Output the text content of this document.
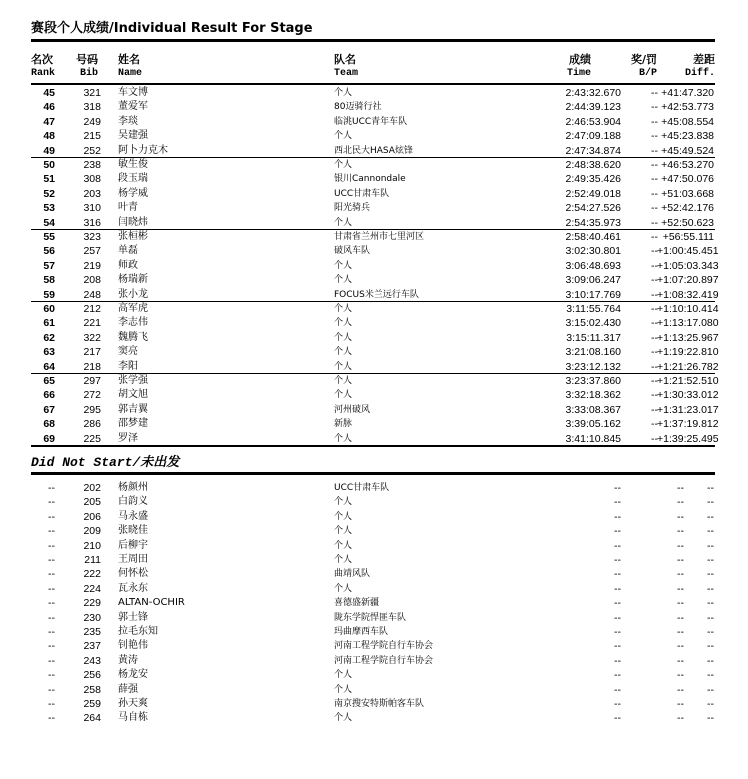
赛段个人成绩/Individual Result For Stage
名次
Rank
号码
Bib
姓名
Name
队名
Team
成绩
Time
奖/罚
B/P
差距
Diff.
45	321 车文博	个人	2:43:32.670	-- +41:47.320
46	318 董爱军	80迈骑行社	2:44:39.123	-- +42:53.773
47	249 李琰	临洮UCC青年车队	2:46:53.904	-- +45:08.554
48	215 吴建强	个人	2:47:09.188	-- +45:23.838
49	252 阿卜力克木	西北民大HASA炫锋	2:47:34.874	-- +45:49.524
50	238 敏生俊	个人	2:48:38.620	-- +46:53.270
51	308 段玉瑞	银川Cannondale	2:49:35.426	-- +47:50.076
52	203 杨学威	UCC甘肃车队	2:52:49.018	-- +51:03.668
53	310 叶青	阳光骑兵	2:54:27.526	-- +52:42.176
54	316 闫晓炜	个人	2:54:35.973	-- +52:50.623
55	323 张桓彬	甘肃省兰州市七里河区	2:58:40.461	-- +56:55.111
56	257 单磊	破风车队	3:02:30.801	-- +1:00:45.451
57	219 师政	个人	3:06:48.693	-- +1:05:03.343
58	208 杨瑞新	个人	3:09:06.247	-- +1:07:20.897
59	248 张小龙	FOCUS米兰远行车队	3:10:17.769	-- +1:08:32.419
60	212 高军虎	个人	3:11:55.764	-- +1:10:10.414
61	221 李志伟	个人	3:15:02.430	-- +1:13:17.080
62	322 魏腾飞	个人	3:15:11.317	-- +1:13:25.967
63	217 窦亮	个人	3:21:08.160	-- +1:19:22.810
64	218 李阳	个人	3:23:12.132	-- +1:21:26.782
65	297 张学强	个人	3:23:37.860	-- +1:21:52.510
66	272 胡文旭	个人	3:32:18.362	-- +1:30:33.012
67	295 郭吉翼	河州破风	3:33:08.367	-- +1:31:23.017
68	286 邵梦建	新脉	3:39:05.162	-- +1:37:19.812
69	225 罗泽	个人	3:41:10.845	-- +1:39:25.495
Did Not Start/未出发
--	202 杨颜州	UCC甘肃车队	--	--	--
--	205 白韵义	个人	--	--	--
--	206 马永盛	个人	--	--	--
--	209 张晓佳	个人	--	--	--
--	210 后柳宇	个人	--	--	--
--	211 王周田	个人	--	--	--
--	222 何怀松	曲靖风队	--	--	--
--	224 瓦永东	个人	--	--	--
--	229 ALTAN-OCHIR	喜德盛新疆	--	--	--
--	230 郭士锋	陇东学院悍匪车队	--	--	--
--	235 拉毛东知	玛曲摩西车队	--	--	--
--	237 钊艳伟	河南工程学院自行车协会	--	--	--
--	243 黄涛	河南工程学院自行车协会	--	--	--
--	256 杨龙安	个人	--	--	--
--	258 薛强	个人	--	--	--
--	259 孙天爽	南京搜安特斯帕客车队	--	--	--
--	264 马自栋	个人	--	--	--
